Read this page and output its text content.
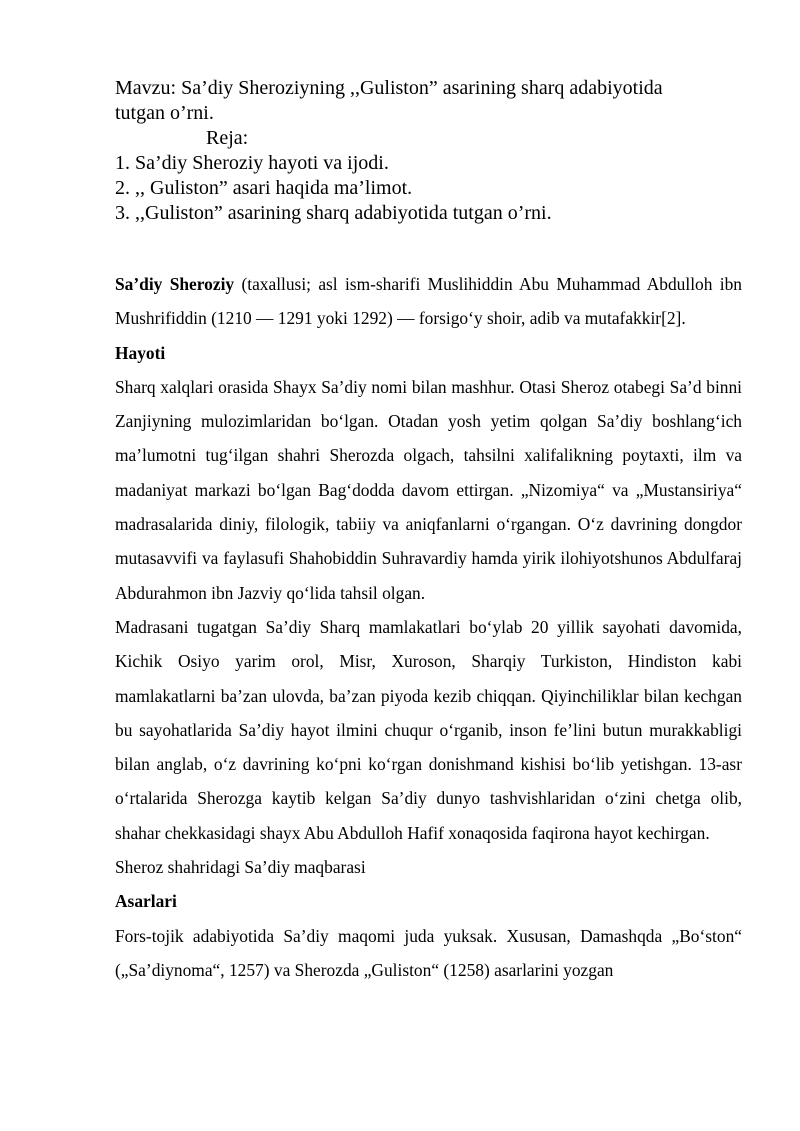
Mavzu: Sa’diy Sheroziyning ,,Guliston” asarining sharq adabiyotida
tutgan o’rni.
Reja:
1. Sa’diy Sheroziy hayoti va ijodi.
2. ,, Guliston” asari haqida ma’limot.
3. ,,Guliston” asarining sharq adabiyotida tutgan o’rni.

Sa’diy Sheroziy (taxallusi; asl ism-sharifi Muslihiddin Abu Muhammad Abdulloh ibn Mushrifiddin (1210 — 1291 yoki 1292) — forsigo‘y shoir, adib va mutafakkir[2].

Hayoti

Sharq xalqlari orasida Shayx Sa’diy nomi bilan mashhur. Otasi Sheroz otabegi Sa’d binni Zanjiyning mulozimlaridan bo‘lgan. Otadan yosh yetim qolgan Sa’diy boshlang‘ich ma’lumotni tug‘ilgan shahri Sherozda olgach, tahsilni xalifalikning poytaxti, ilm va madaniyat markazi bo‘lgan Bag‘dodda davom ettirgan. „Nizomiya“ va „Mustansiriya“ madrasalarida diniy, filologik, tabiiy va aniqfanlarni o‘rgangan. O‘z davrining dongdor mutasavvifi va faylasufi Shahobiddin Suhravardiy hamda yirik ilohiyotshunos Abdulfaraj Abdurahmon ibn Jazviy qo‘lida tahsil olgan.

Madrasani tugatgan Sa’diy Sharq mamlakatlari bo‘ylab 20 yillik sayohati davomida, Kichik Osiyo yarim orol, Misr, Xuroson, Sharqiy Turkiston, Hindiston kabi mamlakatlarni ba’zan ulovda, ba’zan piyoda kezib chiqqan. Qiyinchiliklar bilan kechgan bu sayohatlarida Sa’diy hayot ilmini chuqur o‘rganib, inson fe’lini butun murakkabligi bilan anglab, o‘z davrining ko‘pni ko‘rgan donishmand kishisi bo‘lib yetishgan. 13-asr o‘rtalarida Sherozga kaytib kelgan Sa’diy dunyo tashvishlaridan o‘zini chetga olib, shahar chekkasidagi shayx Abu Abdulloh Hafif xonaqosida faqirona hayot kechirgan.

Sheroz shahridagi Sa’diy maqbarasi

Asarlari

Fors-tojik adabiyotida Sa’diy maqomi juda yuksak. Xususan, Damashqda „Bo‘ston“ („Sa’diynoma“, 1257) va Sherozda „Guliston“ (1258) asarlarini yozgan
